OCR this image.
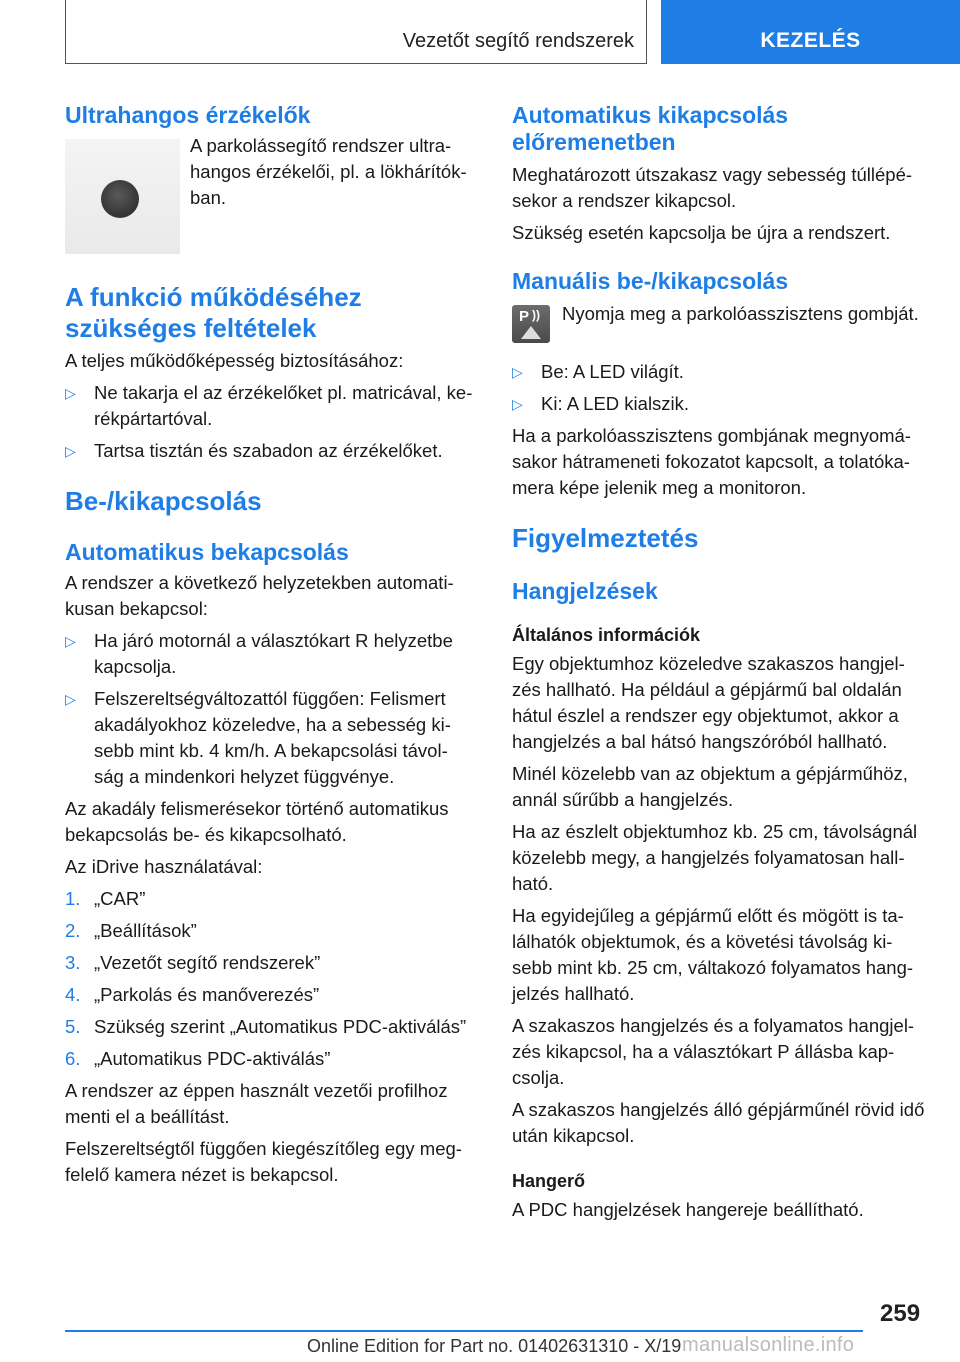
Vezetőt segítő rendszerek	KEZELÉS
Ultrahangos érzékelők

A parkolássegítő rendszer ultra-hangos érzékelői, pl. a lökhárítók-ban.

A funkció működéséhez szükséges feltételek

A teljes működőképesség biztosításához:

▷ Ne takarja el az érzékelőket pl. matricával, ke-rékpártartóval.
▷ Tartsa tisztán és szabadon az érzékelőket.
Be-/kikapcsolás
Automatikus bekapcsolás

A rendszer a következő helyzetekben automati-kusan bekapcsol:

▷ Ha járó motornál a választókart R helyzetbe kapcsolja.
▷ Felszereltségváltozattól függően: Felismert akadályokhoz közeledve, ha a sebesség ki-sebb mint kb. 4 km/h. A bekapcsolási távol-ság a mindenkori helyzet függvénye.

Az akadály felismerésekor történő automatikus bekapcsolás be- és kikapcsolható.

Az iDrive használatával:

1. „CAR”
2. „Beállítások”
3. „Vezetőt segítő rendszerek”
4. „Parkolás és manőverezés”
5. Szükség szerint „Automatikus PDC-aktiválás”
6. „Automatikus PDC-aktiválás”

A rendszer az éppen használt vezetői profilhoz menti el a beállítást.

Felszereltségtől függően kiegészítőleg egy meg-felelő kamera nézet is bekapcsol.

Automatikus kikapcsolás előremenetben

Meghatározott útszakasz vagy sebesség túllépé-sekor a rendszer kikapcsol.

Szükség esetén kapcsolja be újra a rendszert.

Manuális be-/kikapcsolás
P )) Nyomja meg a parkolóasszisztens gombját.

▷ Be: A LED világít.
▷ Ki: A LED kialszik.

Ha a parkolóasszisztens gombjának megnyomá-sakor hátrameneti fokozatot kapcsolt, a tolatóka-mera képe jelenik meg a monitoron.

Figyelmeztetés
Hangjelzések
Általános információk

Egy objektumhoz közeledve szakaszos hangjel-zés hallható. Ha például a gépjármű bal oldalán hátul észlel a rendszer egy objektumot, akkor a hangjelzés a bal hátsó hangszóróból hallható.

Minél közelebb van az objektum a gépjárműhöz, annál sűrűbb a hangjelzés.

Ha az észlelt objektumhoz kb. 25 cm, távolságnál közelebb megy, a hangjelzés folyamatosan hall-ható.

Ha egyidejűleg a gépjármű előtt és mögött is ta-lálhatók objektumok, és a követési távolság ki-sebb mint kb. 25 cm, váltakozó folyamatos hang-jelzés hallható.

A szakaszos hangjelzés és a folyamatos hangjel-zés kikapcsol, ha a választókart P állásba kap-csolja.

A szakaszos hangjelzés álló gépjárműnél rövid idő után kikapcsol.

Hangerő

A PDC hangjelzések hangereje beállítható.

259
Online Edition for Part no. 01402631310 - X/19 manualsonline.info
